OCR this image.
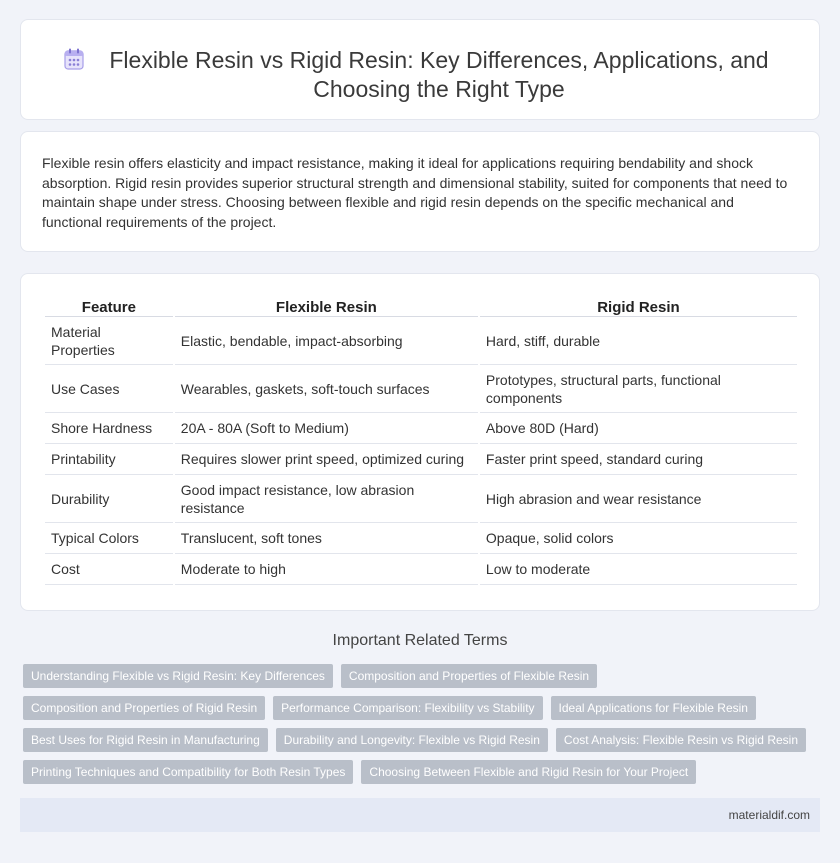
Flexible Resin vs Rigid Resin: Key Differences, Applications, and Choosing the Right Type

Flexible resin offers elasticity and impact resistance, making it ideal for applications requiring bendability and shock absorption. Rigid resin provides superior structural strength and dimensional stability, suited for components that need to maintain shape under stress. Choosing between flexible and rigid resin depends on the specific mechanical and functional requirements of the project.

Feature	Flexible Resin	Rigid Resin
Material Properties	Elastic, bendable, impact-absorbing	Hard, stiff, durable
Use Cases	Wearables, gaskets, soft-touch surfaces	Prototypes, structural parts, functional components
Shore Hardness	20A - 80A (Soft to Medium)	Above 80D (Hard)
Printability	Requires slower print speed, optimized curing	Faster print speed, standard curing
Durability	Good impact resistance, low abrasion resistance	High abrasion and wear resistance
Typical Colors	Translucent, soft tones	Opaque, solid colors
Cost	Moderate to high	Low to moderate
Important Related Terms
Understanding Flexible vs Rigid Resin: Key Differences	Composition and Properties of Flexible Resin
Composition and Properties of Rigid Resin	Performance Comparison: Flexibility vs Stability	Ideal Applications for Flexible Resin
Best Uses for Rigid Resin in Manufacturing	Durability and Longevity: Flexible vs Rigid Resin	Cost Analysis: Flexible Resin vs Rigid Resin
Printing Techniques and Compatibility for Both Resin Types	Choosing Between Flexible and Rigid Resin for Your Project
materialdif.com
